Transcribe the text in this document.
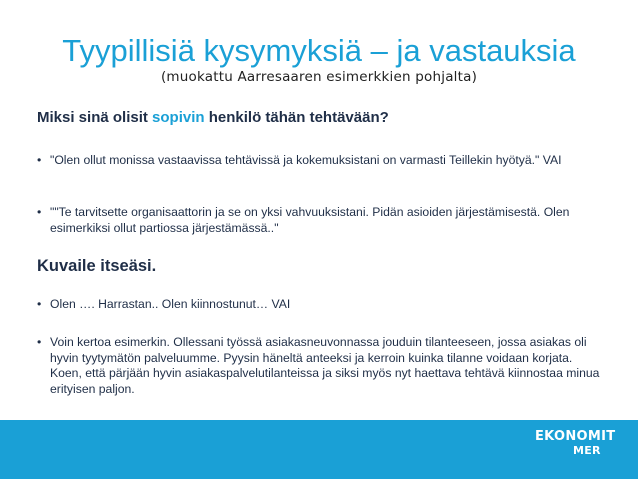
Tyypillisiä kysymyksiä – ja vastauksia
(muokattu Aarresaaren esimerkkien pohjalta)
Miksi sinä olisit sopivin henkilö tähän tehtävään?
• "Olen ollut monissa vastaavissa tehtävissä ja kokemuksistani on varmasti Teillekin hyötyä." VAI
• ""Te tarvitsette organisaattorin ja se on yksi vahvuuksistani. Pidän asioiden järjestämisestä. Olen esimerkiksi ollut partiossa järjestämässä.."
Kuvaile itseäsi.
• Olen …. Harrastan.. Olen kiinnostunut… VAI
• Voin kertoa esimerkin. Ollessani työssä asiakasneuvonnassa jouduin tilanteeseen, jossa asiakas oli hyvin tyytymätön palveluumme. Pyysin häneltä anteeksi ja kerroin kuinka tilanne voidaan korjata. Koen, että pärjään hyvin asiakaspalvelutilanteissa ja siksi myös nyt haettava tehtävä kiinnostaa minua erityisen paljon.
EKONOMIT
MER
